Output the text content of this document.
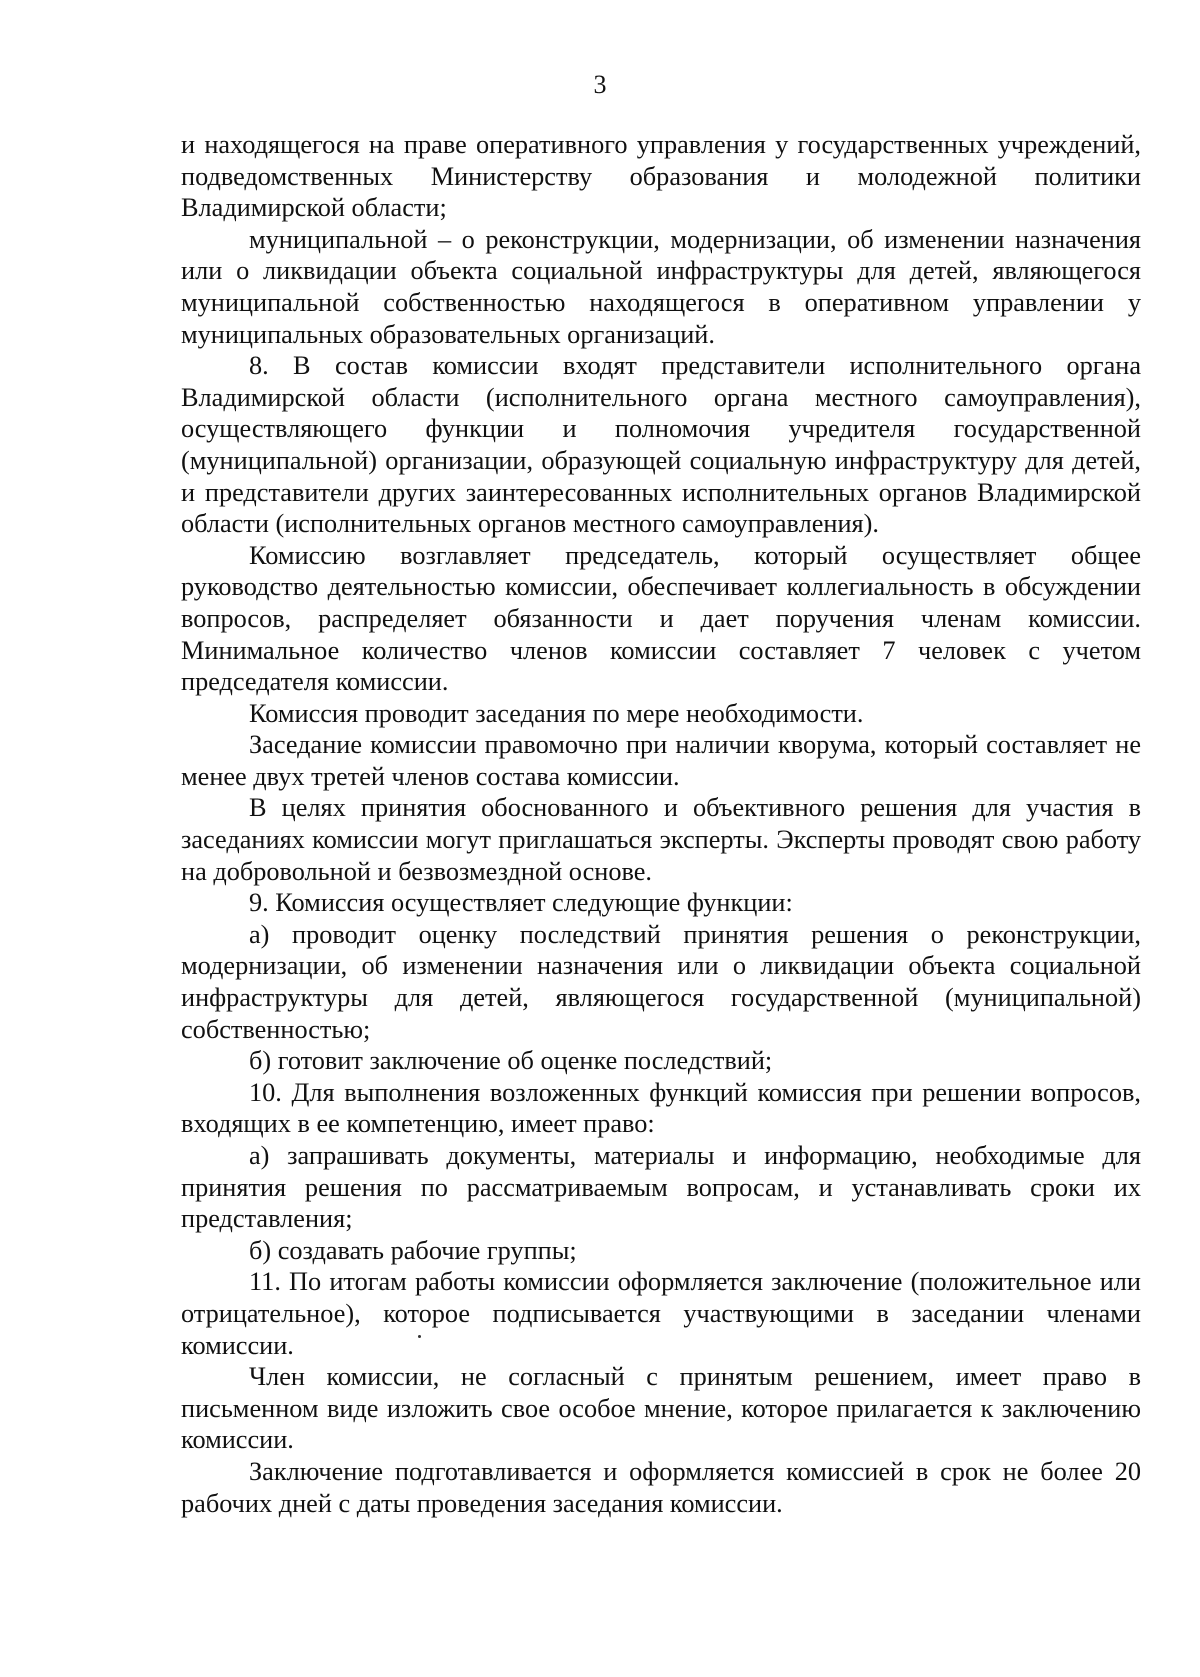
3

и находящегося на праве оперативного управления у государственных учреждений, подведомственных Министерству образования и молодежной политики Владимирской области;

муниципальной – о реконструкции, модернизации, об изменении назначения или о ликвидации объекта социальной инфраструктуры для детей, являющегося муниципальной собственностью находящегося в оперативном управлении у муниципальных образовательных организаций.

8. В состав комиссии входят представители исполнительного органа Владимирской области (исполнительного органа местного самоуправления), осуществляющего функции и полномочия учредителя государственной (муниципальной) организации, образующей социальную инфраструктуру для детей, и представители других заинтересованных исполнительных органов Владимирской области (исполнительных органов местного самоуправления).

Комиссию возглавляет председатель, который осуществляет общее руководство деятельностью комиссии, обеспечивает коллегиальность в обсуждении вопросов, распределяет обязанности и дает поручения членам комиссии. Минимальное количество членов комиссии составляет 7 человек с учетом председателя комиссии.

Комиссия проводит заседания по мере необходимости.

Заседание комиссии правомочно при наличии кворума, который составляет не менее двух третей членов состава комиссии.

В целях принятия обоснованного и объективного решения для участия в заседаниях комиссии могут приглашаться эксперты. Эксперты проводят свою работу на добровольной и безвозмездной основе.

9. Комиссия осуществляет следующие функции:

а) проводит оценку последствий принятия решения о реконструкции, модернизации, об изменении назначения или о ликвидации объекта социальной инфраструктуры для детей, являющегося государственной (муниципальной) собственностью;

б) готовит заключение об оценке последствий;

10. Для выполнения возложенных функций комиссия при решении вопросов, входящих в ее компетенцию, имеет право:

а) запрашивать документы, материалы и информацию, необходимые для принятия решения по рассматриваемым вопросам, и устанавливать сроки их представления;

б) создавать рабочие группы;

11. По итогам работы комиссии оформляется заключение (положительное или отрицательное), которое подписывается участвующими в заседании членами комиссии.

Член комиссии, не согласный с принятым решением, имеет право в письменном виде изложить свое особое мнение, которое прилагается к заключению комиссии.

Заключение подготавливается и оформляется комиссией в срок не более 20 рабочих дней с даты проведения заседания комиссии.
